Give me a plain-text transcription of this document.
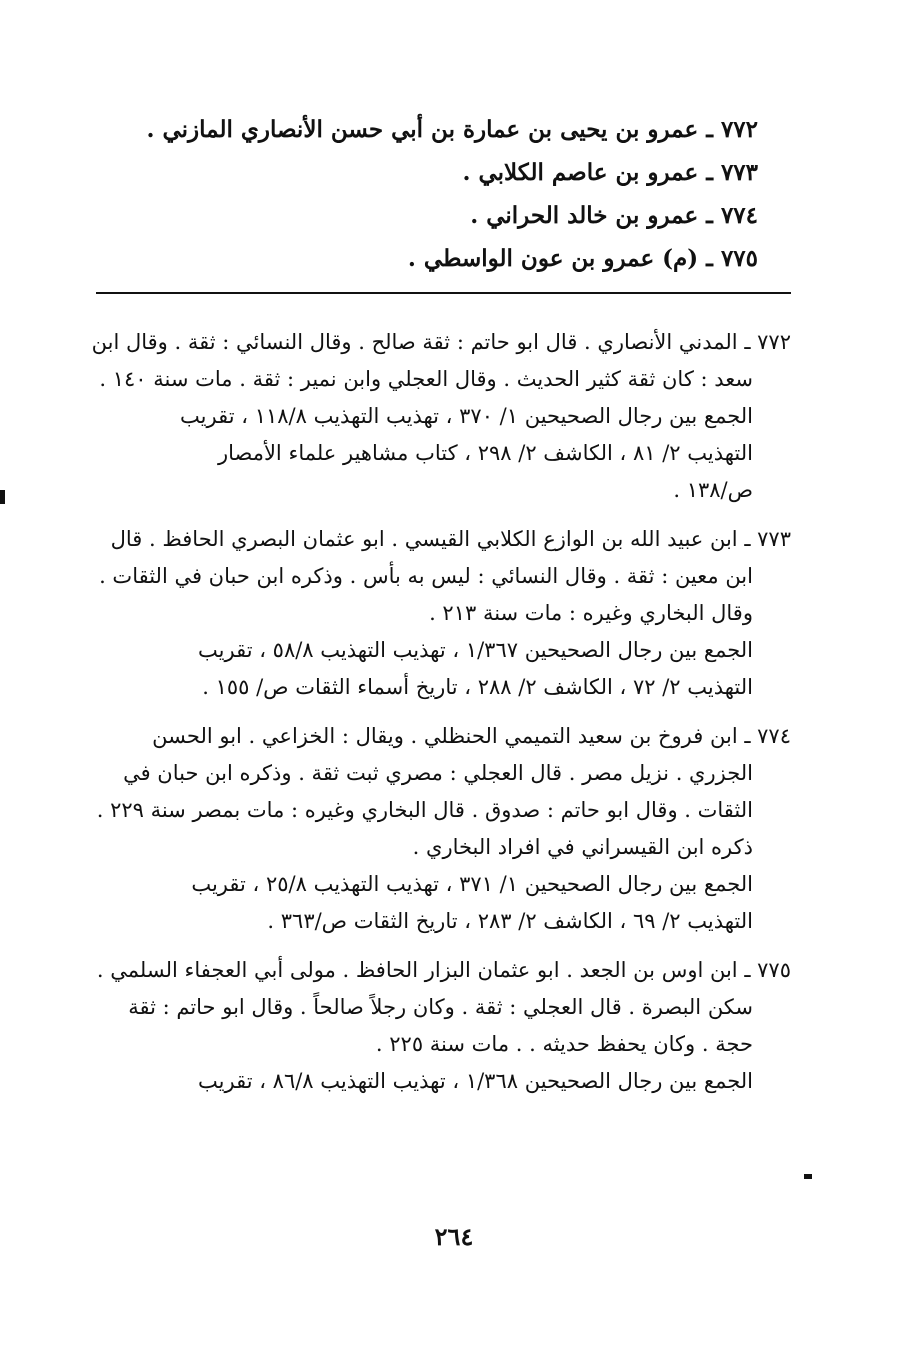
٧٧٢ ـ عمرو بن يحيى بن عمارة بن أبي حسن الأنصاري المازني .
٧٧٣ ـ عمرو بن عاصم الكلابي .
٧٧٤ ـ عمرو بن خالد الحراني .
٧٧٥ ـ (م) عمرو بن عون الواسطي .
٧٧٢ ـ المدني الأنصاري . قال ابو حاتم : ثقة صالح . وقال النسائي : ثقة . وقال ابن
سعد : كان ثقة كثير الحديث . وقال العجلي وابن نمير : ثقة . مات سنة ١٤٠ .
الجمع بين رجال الصحيحين ١/ ٣٧٠ ، تهذيب التهذيب ١١٨/٨ ، تقريب
التهذيب ٢/ ٨١ ، الكاشف ٢/ ٢٩٨ ، كتاب مشاهير علماء الأمصار
ص/١٣٨ .
٧٧٣ ـ ابن عبيد الله بن الوازع الكلابي القيسي . ابو عثمان البصري الحافظ . قال
ابن معين : ثقة . وقال النسائي : ليس به بأس . وذكره ابن حبان في الثقات .
وقال البخاري وغيره : مات سنة ٢١٣ .
الجمع بين رجال الصحيحين ١/٣٦٧ ، تهذيب التهذيب ٥٨/٨ ، تقريب
التهذيب ٢/ ٧٢ ، الكاشف ٢/ ٢٨٨ ، تاريخ أسماء الثقات ص/ ١٥٥ .
٧٧٤ ـ ابن فروخ بن سعيد التميمي الحنظلي . ويقال : الخزاعي . ابو الحسن
الجزري . نزيل مصر . قال العجلي : مصري ثبت ثقة . وذكره ابن حبان في
الثقات . وقال ابو حاتم : صدوق . قال البخاري وغيره : مات بمصر سنة ٢٢٩ .
ذكره ابن القيسراني في افراد البخاري .
الجمع بين رجال الصحيحين ١/ ٣٧١ ، تهذيب التهذيب ٢٥/٨ ، تقريب
التهذيب ٢/ ٦٩ ، الكاشف ٢/ ٢٨٣ ، تاريخ الثقات ص/٣٦٣ .
٧٧٥ ـ ابن اوس بن الجعد . ابو عثمان البزار الحافظ . مولى أبي العجفاء السلمي .
سكن البصرة . قال العجلي : ثقة . وكان رجلاً صالحاً . وقال ابو حاتم : ثقة
حجة . وكان يحفظ حديثه . . مات سنة ٢٢٥ .
الجمع بين رجال الصحيحين ١/٣٦٨ ، تهذيب التهذيب ٨٦/٨ ، تقريب
٢٦٤
